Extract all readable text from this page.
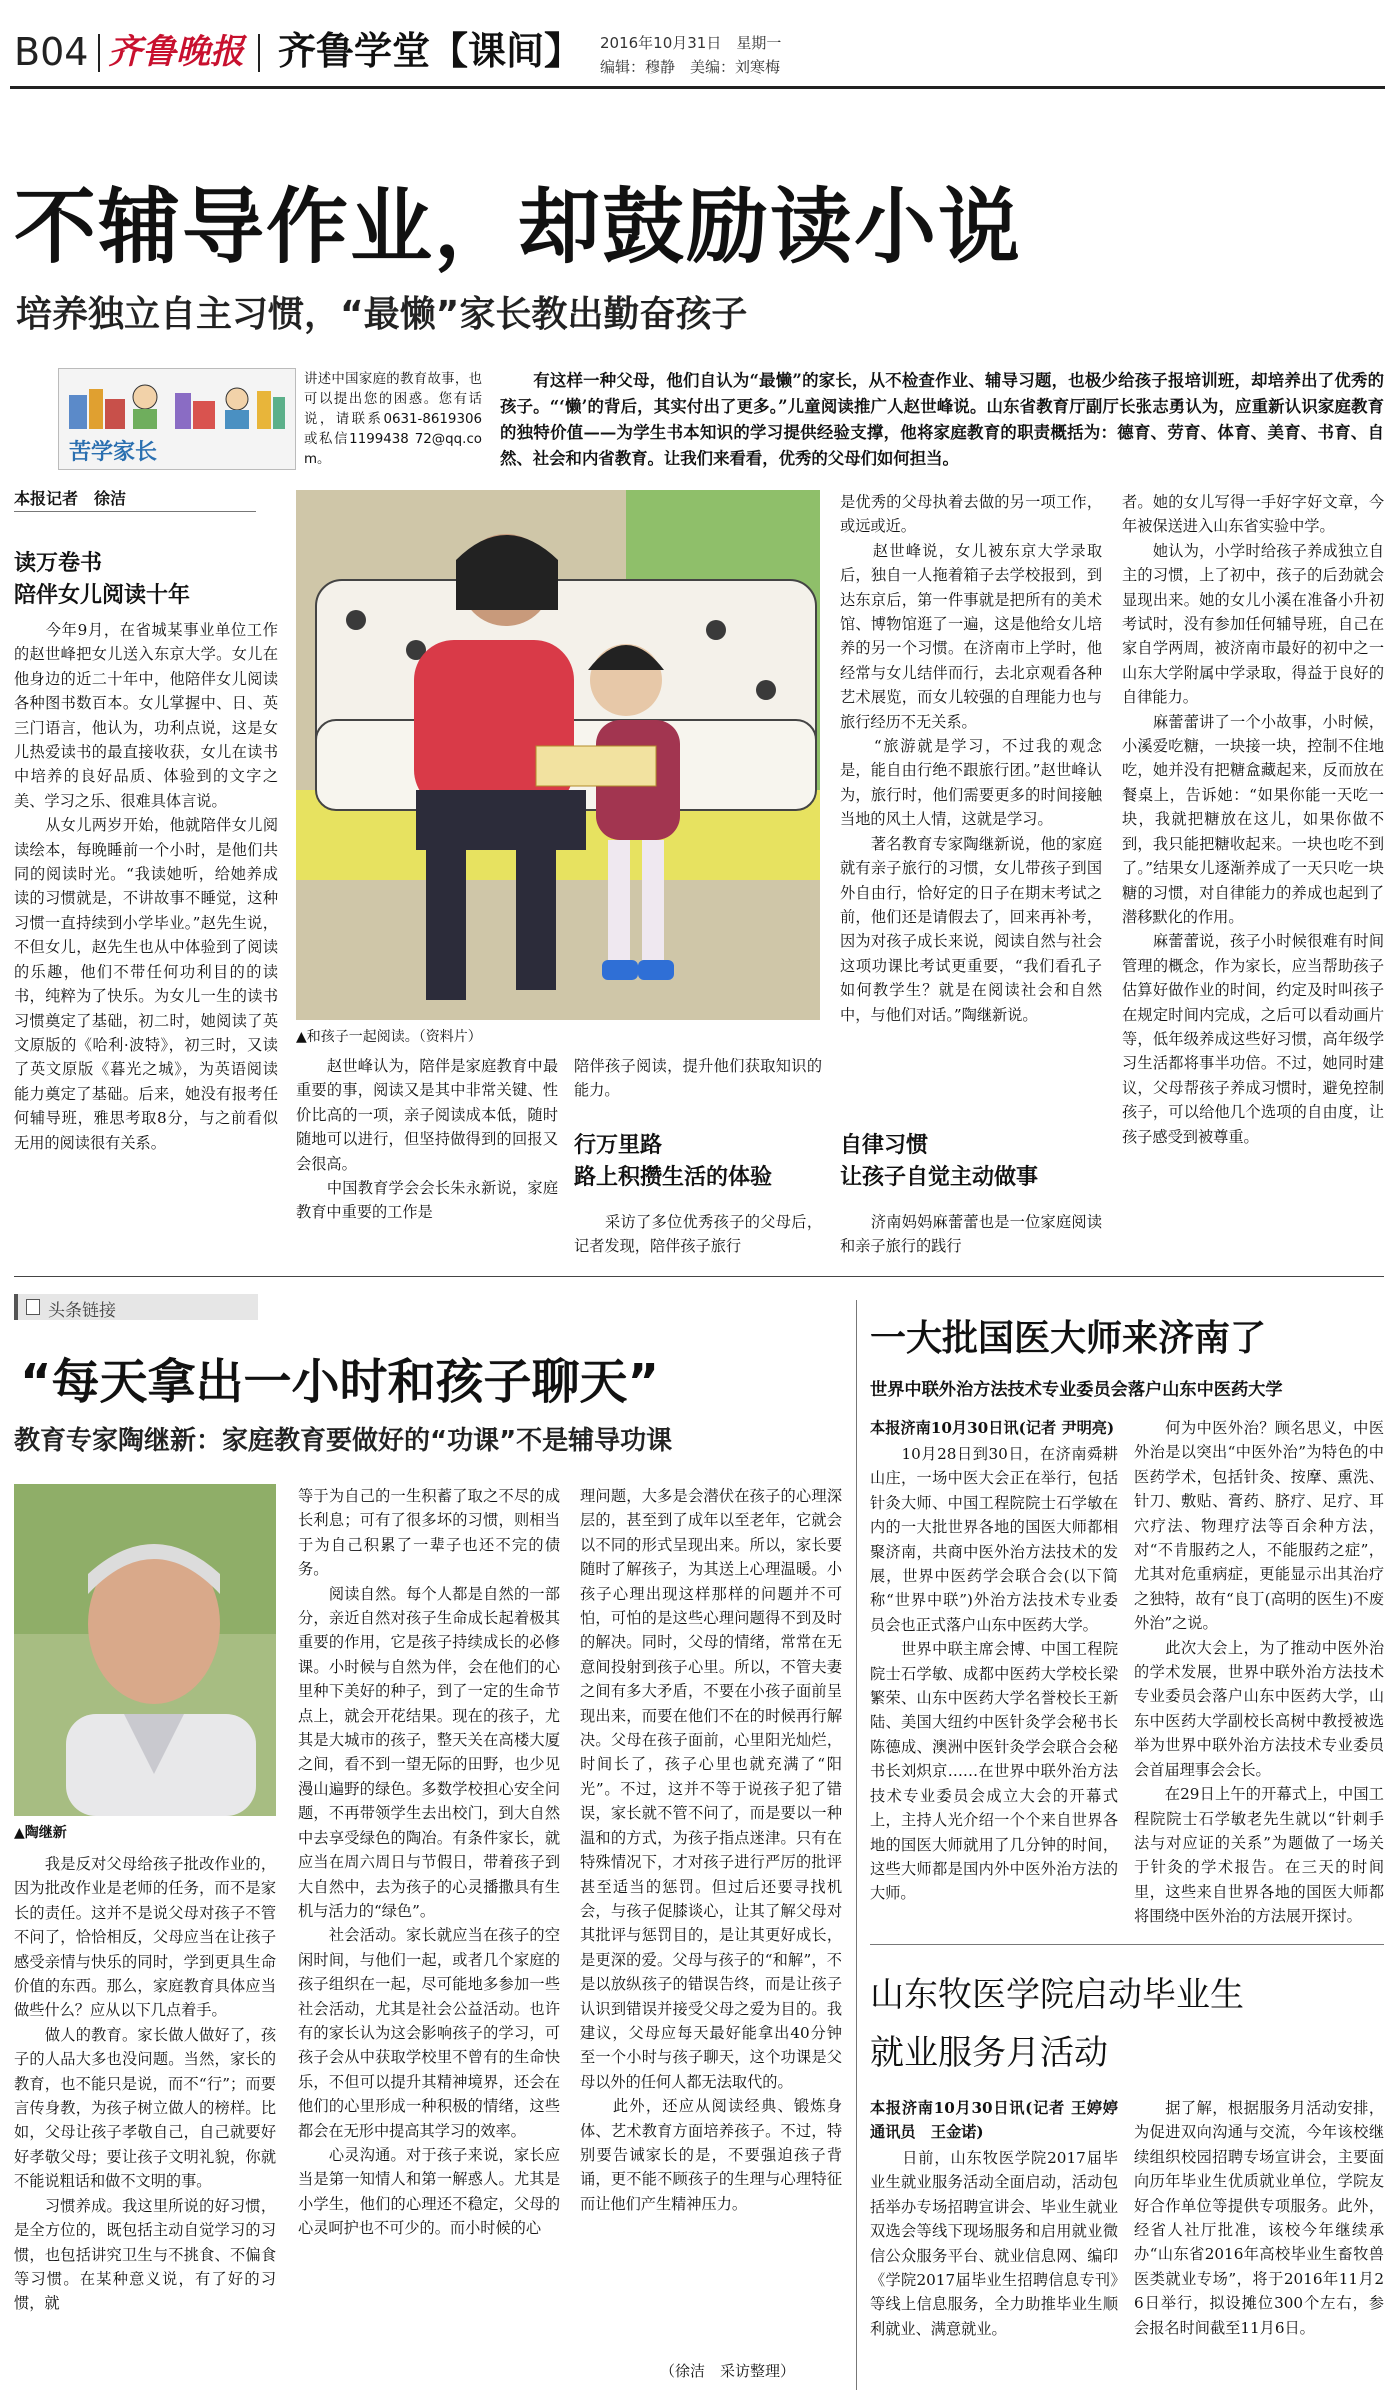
B04 齐鲁晚报 齐鲁学堂【课间】 2016年10月31日　星期一
编辑：穆静　美编：刘寒梅
不辅导作业，却鼓励读小说
培养独立自主习惯，“最懒”家长教出勤奋孩子
苦学家长
讲述中国家庭的教育故事，也可以提出您的困惑。您有话说，请联系0631-8619306或私信1199438 72@qq.com。
　　有这样一种父母，他们自认为“最懒”的家长，从不检查作业、辅导习题，也极少给孩子报培训班，却培养出了优秀的孩子。“‘懒’的背后，其实付出了更多。”儿童阅读推广人赵世峰说。山东省教育厅副厅长张志勇认为，应重新认识家庭教育的独特价值——为学生书本知识的学习提供经验支撑，他将家庭教育的职责概括为：德育、劳育、体育、美育、书育、自然、社会和内省教育。让我们来看看，优秀的父母们如何担当。
本报记者　徐洁
读万卷书
陪伴女儿阅读十年
　　今年9月，在省城某事业单位工作的赵世峰把女儿送入东京大学。女儿在他身边的近二十年中，他陪伴女儿阅读各种图书数百本。女儿掌握中、日、英三门语言，他认为，功利点说，这是女儿热爱读书的最直接收获，女儿在读书中培养的良好品质、体验到的文字之美、学习之乐、很难具体言说。
　　从女儿两岁开始，他就陪伴女儿阅读绘本，每晚睡前一个小时，是他们共同的阅读时光。“我读她听，给她养成读的习惯就是，不讲故事不睡觉，这种习惯一直持续到小学毕业。”赵先生说，不但女儿，赵先生也从中体验到了阅读的乐趣，他们不带任何功利目的的读书，纯粹为了快乐。为女儿一生的读书习惯奠定了基础，初二时，她阅读了英文原版的《哈利·波特》，初三时，又读了英文原版《暮光之城》，为英语阅读能力奠定了基础。后来，她没有报考任何辅导班，雅思考取8分，与之前看似无用的阅读很有关系。
▲和孩子一起阅读。（资料片）
　　赵世峰认为，陪伴是家庭教育中最重要的事，阅读又是其中非常关键、性价比高的一项，亲子阅读成本低，随时随地可以进行，但坚持做得到的回报又会很高。
　　中国教育学会会长朱永新说，家庭教育中重要的工作是
陪伴孩子阅读，提升他们获取知识的能力。
行万里路
路上积攒生活的体验
　　采访了多位优秀孩子的父母后，记者发现，陪伴孩子旅行
是优秀的父母执着去做的另一项工作，或远或近。
　　赵世峰说，女儿被东京大学录取后，独自一人拖着箱子去学校报到，到达东京后，第一件事就是把所有的美术馆、博物馆逛了一遍，这是他给女儿培养的另一个习惯。在济南市上学时，他经常与女儿结伴而行，去北京观看各种艺术展览，而女儿较强的自理能力也与旅行经历不无关系。
　　“旅游就是学习，不过我的观念是，能自由行绝不跟旅行团。”赵世峰认为，旅行时，他们需要更多的时间接触当地的风土人情，这就是学习。
　　著名教育专家陶继新说，他的家庭就有亲子旅行的习惯，女儿带孩子到国外自由行，恰好定的日子在期末考试之前，他们还是请假去了，回来再补考，因为对孩子成长来说，阅读自然与社会这项功课比考试更重要，“我们看孔子如何教学生？就是在阅读社会和自然中，与他们对话。”陶继新说。
自律习惯
让孩子自觉主动做事
　　济南妈妈麻蕾蕾也是一位家庭阅读和亲子旅行的践行
者。她的女儿写得一手好字好文章，今年被保送进入山东省实验中学。
　　她认为，小学时给孩子养成独立自主的习惯，上了初中，孩子的后劲就会显现出来。她的女儿小溪在准备小升初考试时，没有参加任何辅导班，自己在家自学两周，被济南市最好的初中之一山东大学附属中学录取，得益于良好的自律能力。
　　麻蕾蕾讲了一个小故事，小时候，小溪爱吃糖，一块接一块，控制不住地吃，她并没有把糖盒藏起来，反而放在餐桌上，告诉她：“如果你能一天吃一块，我就把糖放在这儿，如果你做不到，我只能把糖收起来。一块也吃不到了。”结果女儿逐渐养成了一天只吃一块糖的习惯，对自律能力的养成也起到了潜移默化的作用。
　　麻蕾蕾说，孩子小时候很难有时间管理的概念，作为家长，应当帮助孩子估算好做作业的时间，约定及时叫孩子在规定时间内完成，之后可以看动画片等，低年级养成这些好习惯，高年级学习生活都将事半功倍。不过，她同时建议，父母帮孩子养成习惯时，避免控制孩子，可以给他几个选项的自由度，让孩子感受到被尊重。
头条链接
“每天拿出一小时和孩子聊天”
教育专家陶继新：家庭教育要做好的“功课”不是辅导功课
▲陶继新
　　我是反对父母给孩子批改作业的，因为批改作业是老师的任务，而不是家长的责任。这并不是说父母对孩子不管不问了，恰恰相反，父母应当在让孩子感受亲情与快乐的同时，学到更具生命价值的东西。那么，家庭教育具体应当做些什么？应从以下几点着手。
　　做人的教育。家长做人做好了，孩子的人品大多也没问题。当然，家长的教育，也不能只是说，而不“行”；而要言传身教，为孩子树立做人的榜样。比如，父母让孩子孝敬自己，自己就要好好孝敬父母；要让孩子文明礼貌，你就不能说粗话和做不文明的事。
　　习惯养成。我这里所说的好习惯，是全方位的，既包括主动自觉学习的习惯，也包括讲究卫生与不挑食、不偏食等习惯。在某种意义说，有了好的习惯，就
等于为自己的一生积蓄了取之不尽的成长利息；可有了很多坏的习惯，则相当于为自己积累了一辈子也还不完的债务。
　　阅读自然。每个人都是自然的一部分，亲近自然对孩子生命成长起着极其重要的作用，它是孩子持续成长的必修课。小时候与自然为伴，会在他们的心里种下美好的种子，到了一定的生命节点上，就会开花结果。现在的孩子，尤其是大城市的孩子，整天关在高楼大厦之间，看不到一望无际的田野，也少见漫山遍野的绿色。多数学校担心安全问题，不再带领学生去出校门，到大自然中去享受绿色的陶冶。有条件家长，就应当在周六周日与节假日，带着孩子到大自然中，去为孩子的心灵播撒具有生机与活力的“绿色”。
　　社会活动。家长就应当在孩子的空闲时间，与他们一起，或者几个家庭的孩子组织在一起，尽可能地多参加一些社会活动，尤其是社会公益活动。也许有的家长认为这会影响孩子的学习，可孩子会从中获取学校里不曾有的生命快乐，不但可以提升其精神境界，还会在他们的心里形成一种积极的情绪，这些都会在无形中提高其学习的效率。
　　心灵沟通。对于孩子来说，家长应当是第一知情人和第一解惑人。尤其是小学生，他们的心理还不稳定，父母的心灵呵护也不可少的。而小时候的心
理问题，大多是会潜伏在孩子的心理深层的，甚至到了成年以至老年，它就会以不同的形式呈现出来。所以，家长要随时了解孩子，为其送上心理温暖。小孩子心理出现这样那样的问题并不可怕，可怕的是这些心理问题得不到及时的解决。同时，父母的情绪，常常在无意间投射到孩子心里。所以，不管夫妻之间有多大矛盾，不要在小孩子面前呈现出来，而要在他们不在的时候再行解决。父母在孩子面前，心里阳光灿烂，时间长了，孩子心里也就充满了“阳光”。不过，这并不等于说孩子犯了错误，家长就不管不问了，而是要以一种温和的方式，为孩子指点迷津。只有在特殊情况下，才对孩子进行严厉的批评甚至适当的惩罚。但过后还要寻找机会，与孩子促膝谈心，让其了解父母对其批评与惩罚目的，是让其更好成长，是更深的爱。父母与孩子的“和解”，不是以放纵孩子的错误告终，而是让孩子认识到错误并接受父母之爱为目的。我建议，父母应每天最好能拿出40分钟至一个小时与孩子聊天，这个功课是父母以外的任何人都无法取代的。
　　此外，还应从阅读经典、锻炼身体、艺术教育方面培养孩子。不过，特别要告诫家长的是，不要强迫孩子背诵，更不能不顾孩子的生理与心理特征而让他们产生精神压力。
（徐洁　采访整理）
一大批国医大师来济南了
世界中联外治方法技术专业委员会落户山东中医药大学
本报济南10月30日讯(记者 尹明亮)
　　10月28日到30日，在济南舜耕山庄，一场中医大会正在举行，包括针灸大师、中国工程院院士石学敏在内的一大批世界各地的国医大师都相聚济南，共商中医外治方法技术的发展，世界中医药学会联合会(以下简称“世界中联”)外治方法技术专业委员会也正式落户山东中医药大学。
　　世界中联主席会博、中国工程院院士石学敏、成都中医药大学校长梁繁荣、山东中医药大学名誉校长王新陆、美国大纽约中医针灸学会秘书长陈德成、澳洲中医针灸学会联合会秘书长刘炽京……在世界中联外治方法技术专业委员会成立大会的开幕式上，主持人光介绍一个个来自世界各地的国医大师就用了几分钟的时间，这些大师都是国内外中医外治方法的大师。
　　何为中医外治？顾名思义，中医外治是以突出“中医外治”为特色的中医药学术，包括针灸、按摩、熏洗、针刀、敷贴、膏药、脐疗、足疗、耳穴疗法、物理疗法等百余种方法，对“不肯服药之人，不能服药之症”，尤其对危重病症，更能显示出其治疗之独特，故有“良丁(高明的医生)不废外治”之说。
　　此次大会上，为了推动中医外治的学术发展，世界中联外治方法技术专业委员会落户山东中医药大学，山东中医药大学副校长高树中教授被选举为世界中联外治方法技术专业委员会首届理事会会长。
　　在29日上午的开幕式上，中国工程院院士石学敏老先生就以“针刺手法与对应证的关系”为题做了一场关于针灸的学术报告。在三天的时间里，这些来自世界各地的国医大师都将围绕中医外治的方法展开探讨。
山东牧医学院启动毕业生
就业服务月活动
本报济南10月30日讯(记者 王婷婷　通讯员　王金诺)
　　日前，山东牧医学院2017届毕业生就业服务活动全面启动，活动包括举办专场招聘宣讲会、毕业生就业双选会等线下现场服务和启用就业微信公众服务平台、就业信息网、编印《学院2017届毕业生招聘信息专刊》等线上信息服务，全力助推毕业生顺利就业、满意就业。
　　据了解，根据服务月活动安排，为促进双向沟通与交流，今年该校继续组织校园招聘专场宣讲会，主要面向历年毕业生优质就业单位，学院友好合作单位等提供专项服务。此外，经省人社厅批准，该校今年继续承办“山东省2016年高校毕业生畜牧兽医类就业专场”，将于2016年11月26日举行，拟设摊位300个左右，参会报名时间截至11月6日。
